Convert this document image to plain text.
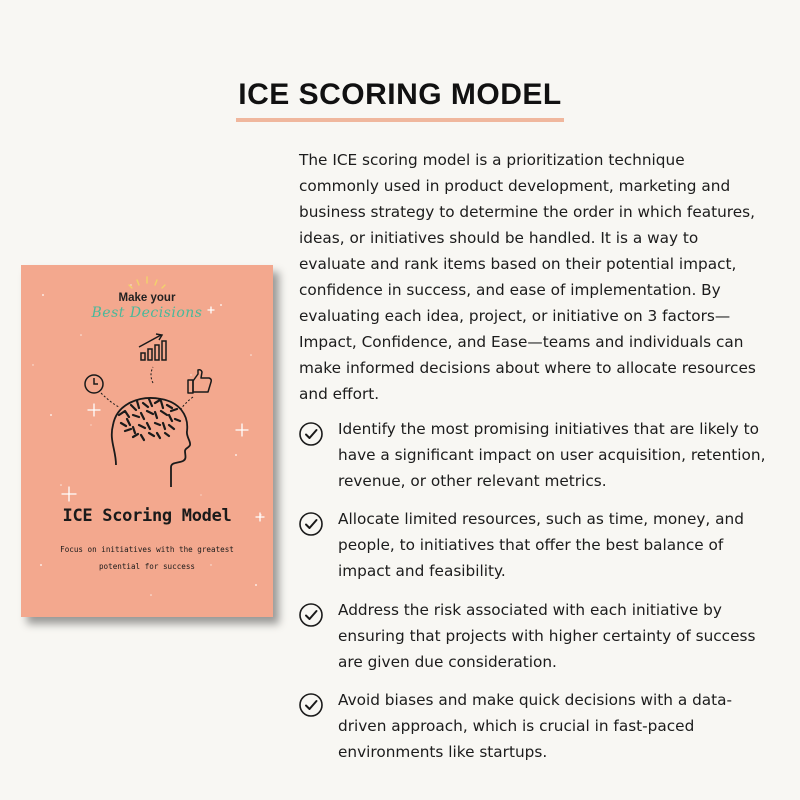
ICE SCORING MODEL
Make your
Best Decisions
ICE Scoring Model
Focus on initiatives with the greatest potential for success

The ICE scoring model is a prioritization technique commonly used in product development, marketing and business strategy to determine the order in which features, ideas, or initiatives should be handled. It is a way to evaluate and rank items based on their potential impact, confidence in success, and ease of implementation. By evaluating each idea, project, or initiative on 3 factors—Impact, Confidence, and Ease—teams and individuals can make informed decisions about where to allocate resources and effort.

Identify the most promising initiatives that are likely to have a significant impact on user acquisition, retention, revenue, or other relevant metrics.
Allocate limited resources, such as time, money, and people, to initiatives that offer the best balance of impact and feasibility.
Address the risk associated with each initiative by ensuring that projects with higher certainty of success are given due consideration.
Avoid biases and make quick decisions with a data-driven approach, which is crucial in fast-paced environments like startups.
